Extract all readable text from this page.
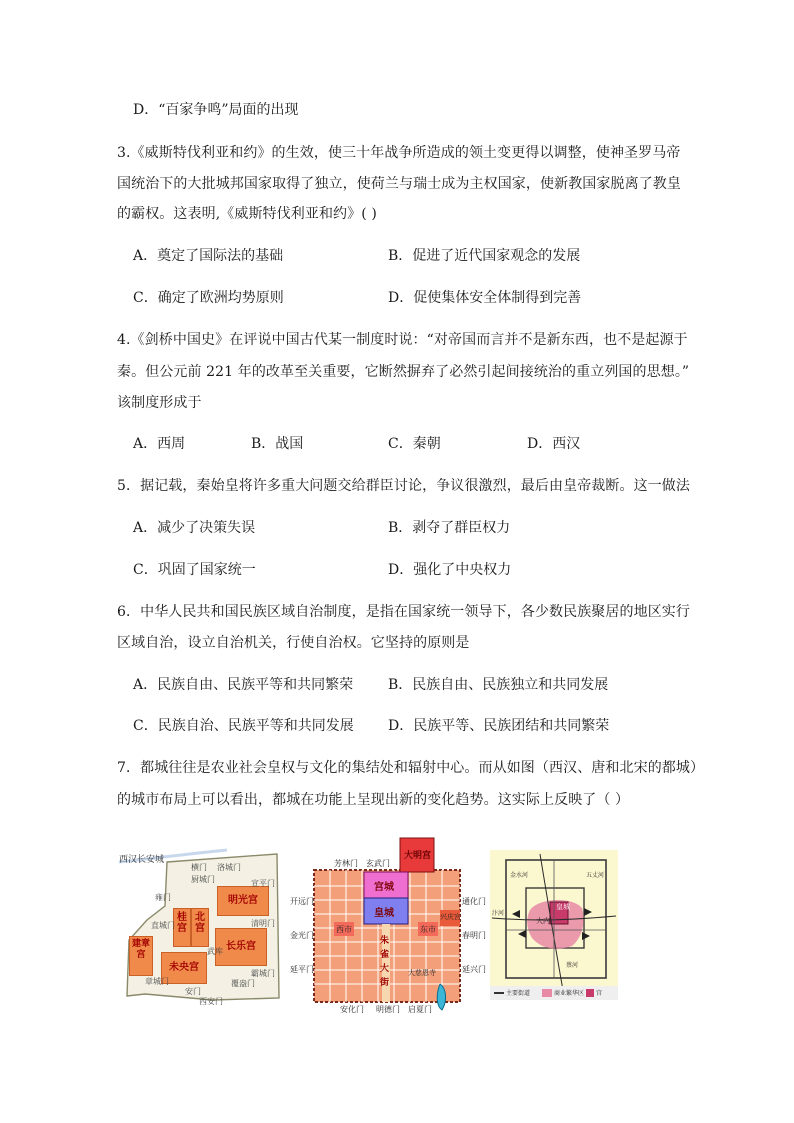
D．“百家争鸣”局面的出现
3.《威斯特伐利亚和约》的生效，使三十年战争所造成的领土变更得以调整，使神圣罗马帝
国统治下的大批城邦国家取得了独立，使荷兰与瑞士成为主权国家，使新教国家脱离了教皇
的霸权。这表明,《威斯特伐利亚和约》( )
A．奠定了国际法的基础	B．促进了近代国家观念的发展
C．确定了欧洲均势原则	D．促使集体安全体制得到完善
4.《剑桥中国史》在评说中国古代某一制度时说：“对帝国而言并不是新东西，也不是起源于
秦。但公元前 221 年的改革至关重要，它断然摒弃了必然引起间接统治的重立列国的思想。”
该制度形成于
A．西周	B．战国	C．秦朝	D．西汉
5．据记载，秦始皇将许多重大问题交给群臣讨论，争议很激烈，最后由皇帝裁断。这一做法
A．减少了决策失误	B．剥夺了群臣权力
C．巩固了国家统一	D．强化了中央权力
6．中华人民共和国民族区域自治制度，是指在国家统一领导下，各少数民族聚居的地区实行
区域自治，设立自治机关，行使自治权。它坚持的原则是
A．民族自由、民族平等和共同繁荣 B．民族自由、民族独立和共同发展
C．民族自治、民族平等和共同发展 D．民族平等、民族团结和共同繁荣
7．都城往往是农业社会皇权与文化的集结处和辐射中心。而从如图（西汉、唐和北宋的都城）
的城市布局上可以看出，都城在功能上呈现出新的变化趋势。这实际上反映了（ ）
西汉长安城
明光宫
桂宫
北宫
长乐宫
建章宫
未央宫
横门
厨城门
洛城门
宣平门
清明门
霸城门
覆盎门
安门
西安门
章城门
直城门
雍门
武库
芳林门 玄武门
大明宫
宫城
皇城	兴庆宫
西市	东市
朱雀大街
开远门
金光门
延平门
春明门
延兴门
通化门
大慈恩寺
明德门
安化门	启夏门
皇城
大内
汴河
蔡河
五丈河
金水河
主要街道	商业繁华区 宫
